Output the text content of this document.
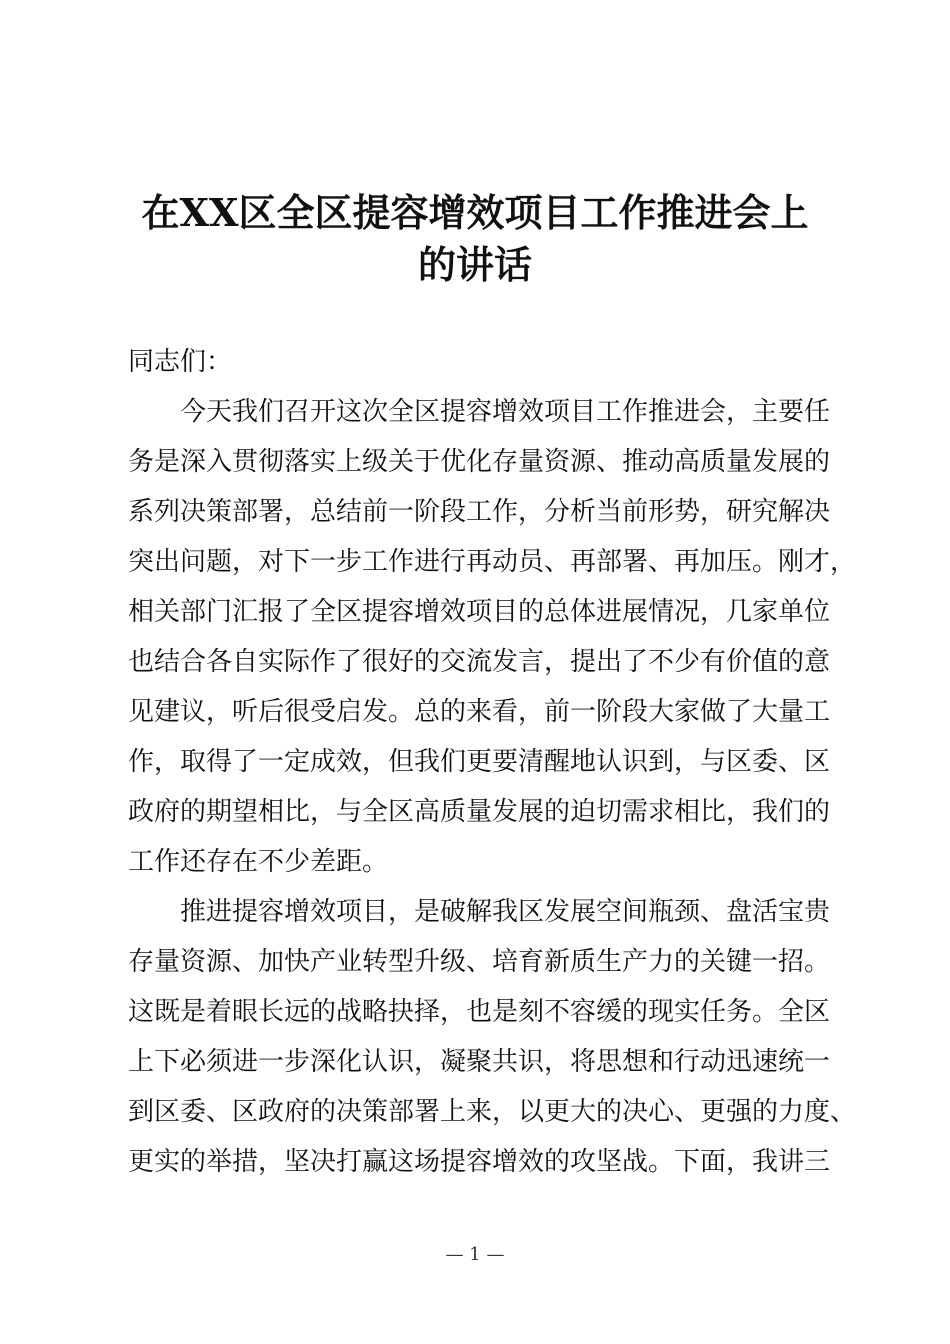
在XX区全区提容增效项目工作推进会上
的讲话
同志们：
今天我们召开这次全区提容增效项目工作推进会，主要任
务是深入贯彻落实上级关于优化存量资源、推动高质量发展的
系列决策部署，总结前一阶段工作，分析当前形势，研究解决
突出问题，对下一步工作进行再动员、再部署、再加压。刚才，
相关部门汇报了全区提容增效项目的总体进展情况，几家单位
也结合各自实际作了很好的交流发言，提出了不少有价值的意
见建议，听后很受启发。总的来看，前一阶段大家做了大量工
作，取得了一定成效，但我们更要清醒地认识到，与区委、区
政府的期望相比，与全区高质量发展的迫切需求相比，我们的
工作还存在不少差距。
推进提容增效项目，是破解我区发展空间瓶颈、盘活宝贵
存量资源、加快产业转型升级、培育新质生产力的关键一招。
这既是着眼长远的战略抉择，也是刻不容缓的现实任务。全区
上下必须进一步深化认识，凝聚共识，将思想和行动迅速统一
到区委、区政府的决策部署上来，以更大的决心、更强的力度、
更实的举措，坚决打赢这场提容增效的攻坚战。下面，我讲三
— 1 —
